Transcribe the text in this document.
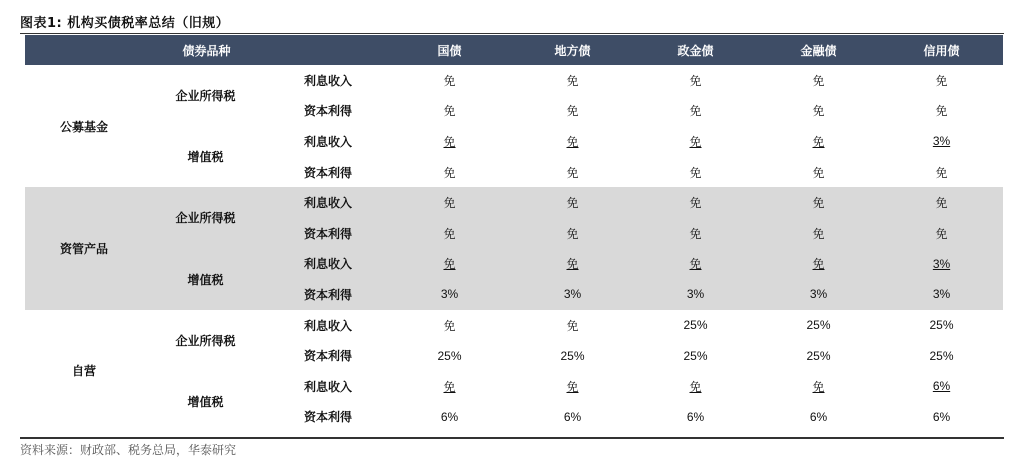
图表1: 机构买债税率总结（旧规）
债券品种			国债	地方债	政金债	金融债	信用债
公募基金	企业所得税	利息收入	免	免	免	免	免
		资本利得	免	免	免	免	免
	增值税	利息收入	免	免	免	免	3%
		资本利得	免	免	免	免	免
资管产品	企业所得税	利息收入	免	免	免	免	免
		资本利得	免	免	免	免	免
	增值税	利息收入	免	免	免	免	3%
		资本利得	3%	3%	3%	3%	3%
自营	企业所得税	利息收入	免	免	25%	25%	25%
		资本利得	25%	25%	25%	25%	25%
	增值税	利息收入	免	免	免	免	6%
		资本利得	6%	6%	6%	6%	6%
资料来源：财政部、税务总局，华泰研究
